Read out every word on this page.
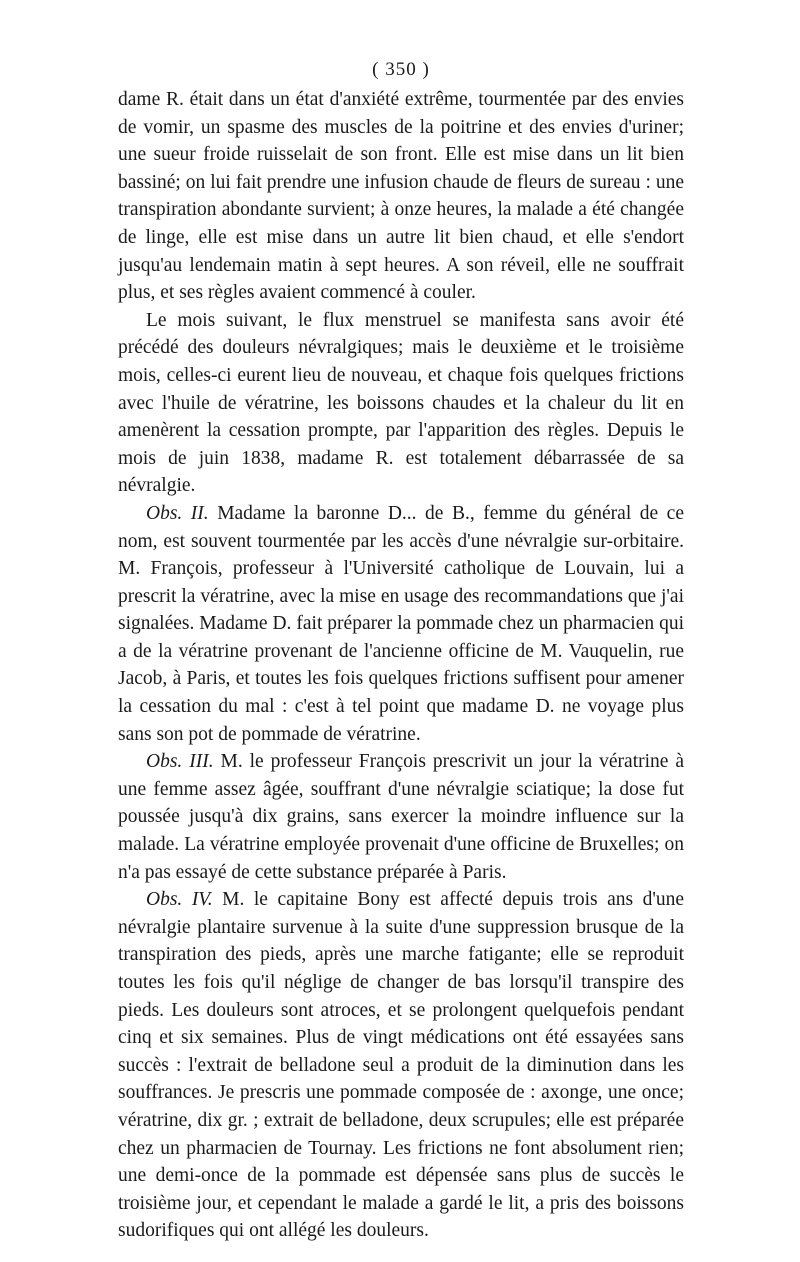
( 350 )

dame R. était dans un état d'anxiété extrême, tourmentée par des envies de vomir, un spasme des muscles de la poitrine et des envies d'uriner; une sueur froide ruisselait de son front. Elle est mise dans un lit bien bassiné; on lui fait prendre une infusion chaude de fleurs de sureau : une transpiration abondante survient; à onze heures, la malade a été changée de linge, elle est mise dans un autre lit bien chaud, et elle s'endort jusqu'au lendemain matin à sept heures. A son réveil, elle ne souffrait plus, et ses règles avaient commencé à couler.

Le mois suivant, le flux menstruel se manifesta sans avoir été précédé des douleurs névralgiques; mais le deuxième et le troisième mois, celles-ci eurent lieu de nouveau, et chaque fois quelques frictions avec l'huile de vératrine, les boissons chaudes et la chaleur du lit en amenèrent la cessation prompte, par l'apparition des règles. Depuis le mois de juin 1838, madame R. est totalement débarrassée de sa névralgie.

Obs. II. Madame la baronne D... de B., femme du général de ce nom, est souvent tourmentée par les accès d'une névralgie sur-orbitaire. M. François, professeur à l'Université catholique de Louvain, lui a prescrit la vératrine, avec la mise en usage des recommandations que j'ai signalées. Madame D. fait préparer la pommade chez un pharmacien qui a de la vératrine provenant de l'ancienne officine de M. Vauquelin, rue Jacob, à Paris, et toutes les fois quelques frictions suffisent pour amener la cessation du mal : c'est à tel point que madame D. ne voyage plus sans son pot de pommade de vératrine.

Obs. III. M. le professeur François prescrivit un jour la vératrine à une femme assez âgée, souffrant d'une névralgie sciatique; la dose fut poussée jusqu'à dix grains, sans exercer la moindre influence sur la malade. La vératrine employée provenait d'une officine de Bruxelles; on n'a pas essayé de cette substance préparée à Paris.

Obs. IV. M. le capitaine Bony est affecté depuis trois ans d'une névralgie plantaire survenue à la suite d'une suppression brusque de la transpiration des pieds, après une marche fatigante; elle se reproduit toutes les fois qu'il néglige de changer de bas lorsqu'il transpire des pieds. Les douleurs sont atroces, et se prolongent quelquefois pendant cinq et six semaines. Plus de vingt médications ont été essayées sans succès : l'extrait de belladone seul a produit de la diminution dans les souffrances. Je prescris une pommade composée de : axonge, une once; vératrine, dix gr. ; extrait de belladone, deux scrupules; elle est préparée chez un pharmacien de Tournay. Les frictions ne font absolument rien; une demi-once de la pommade est dépensée sans plus de succès le troisième jour, et cependant le malade a gardé le lit, a pris des boissons sudorifiques qui ont allégé les douleurs.
